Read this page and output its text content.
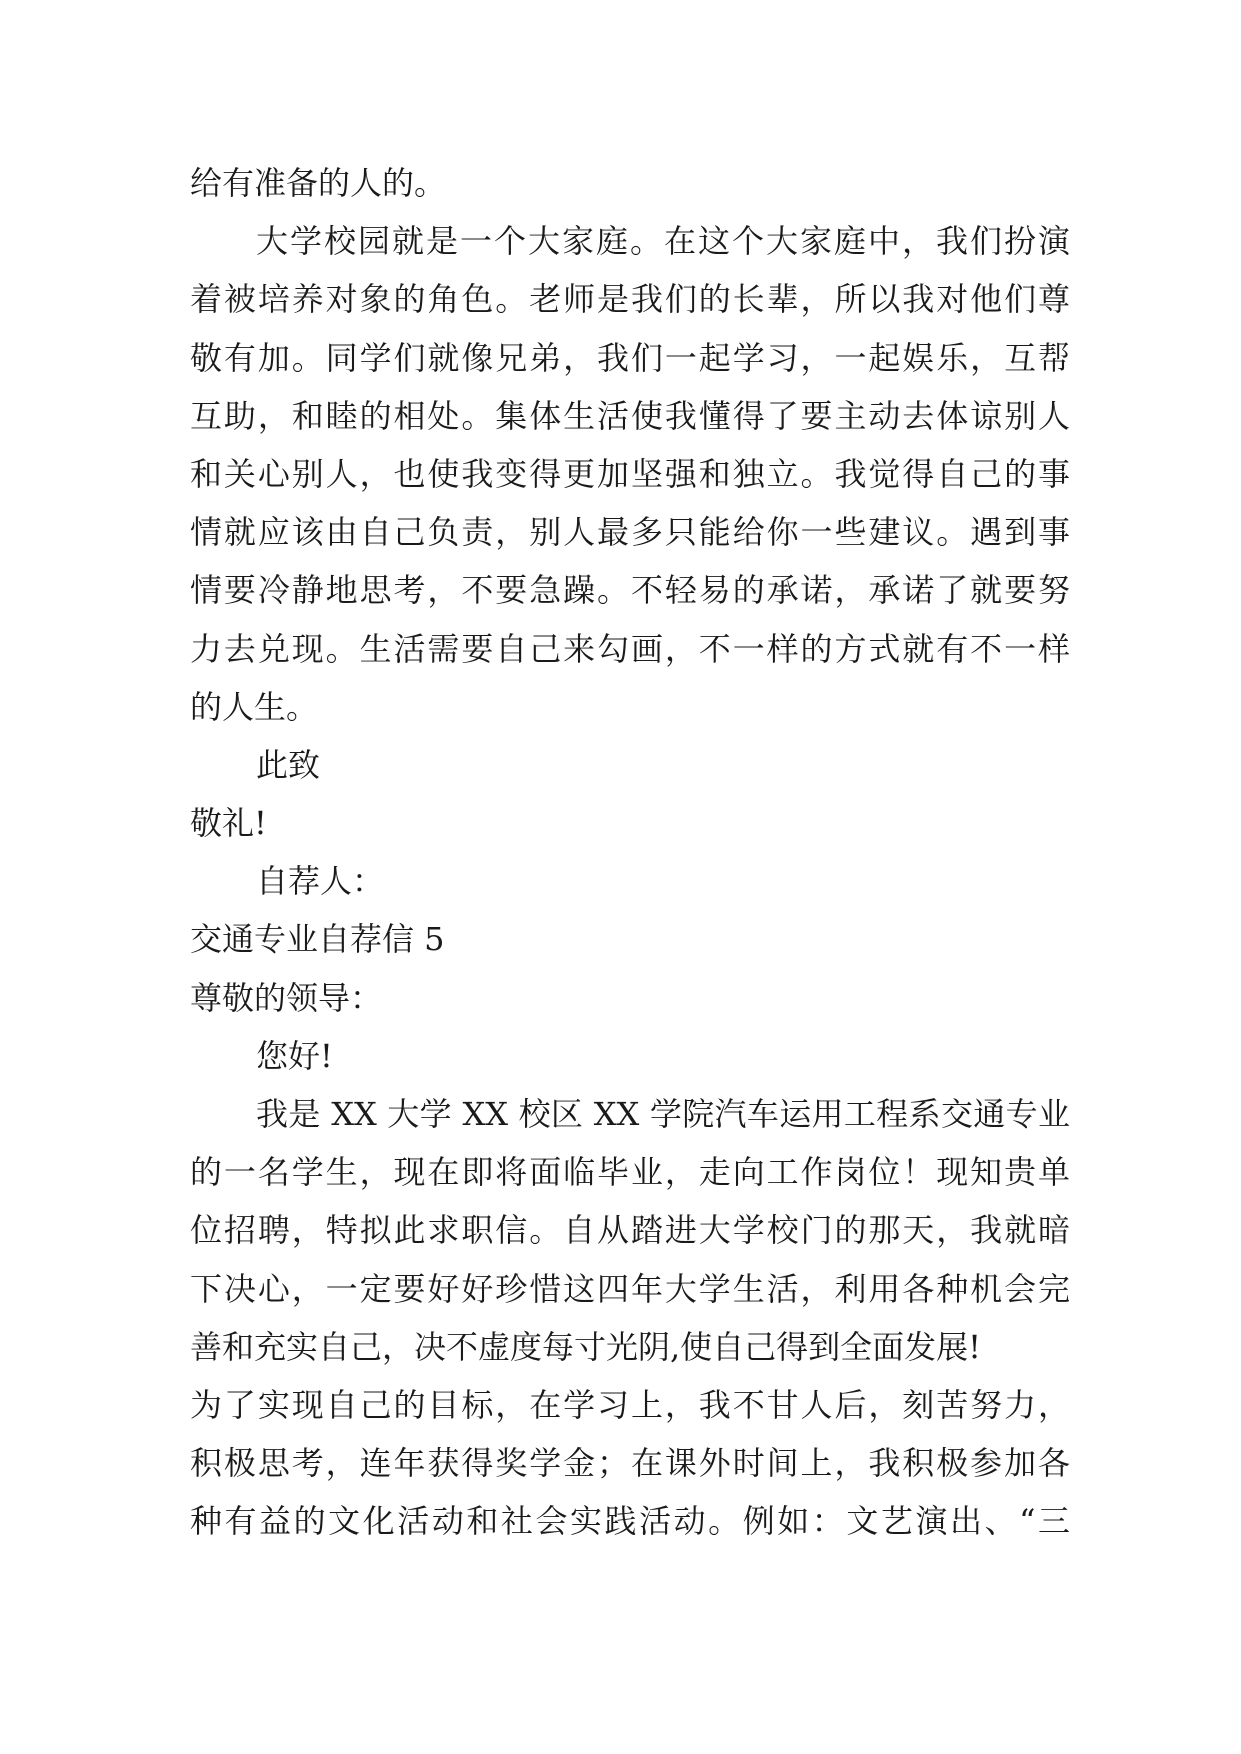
给有准备的人的。
大学校园就是一个大家庭。在这个大家庭中，我们扮演
着被培养对象的角色。老师是我们的长辈，所以我对他们尊
敬有加。同学们就像兄弟，我们一起学习，一起娱乐，互帮
互助，和睦的相处。集体生活使我懂得了要主动去体谅别人
和关心别人，也使我变得更加坚强和独立。我觉得自己的事
情就应该由自己负责，别人最多只能给你一些建议。遇到事
情要冷静地思考，不要急躁。不轻易的承诺，承诺了就要努
力去兑现。生活需要自己来勾画，不一样的方式就有不一样
的人生。
此致
敬礼!
自荐人：
交通专业自荐信 5
尊敬的领导：
您好!
我是 XX 大学 XX 校区 XX 学院汽车运用工程系交通专业
的一名学生，现在即将面临毕业，走向工作岗位！现知贵单
位招聘，特拟此求职信。自从踏进大学校门的那天，我就暗
下决心，一定要好好珍惜这四年大学生活，利用各种机会完
善和充实自己，决不虚度每寸光阴,使自己得到全面发展!
为了实现自己的目标，在学习上，我不甘人后，刻苦努力，
积极思考，连年获得奖学金；在课外时间上，我积极参加各
种有益的文化活动和社会实践活动。例如：文艺演出、“三
